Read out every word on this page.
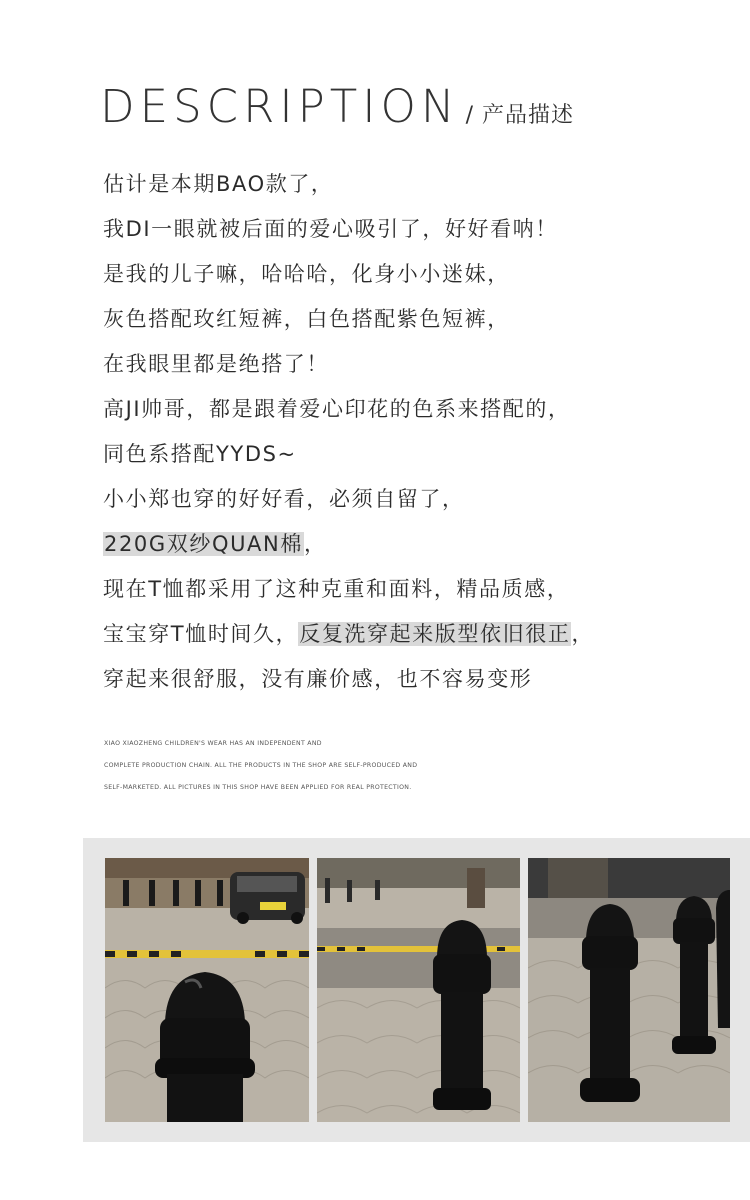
DESCRIPTION / 产品描述
估计是本期BAO款了，
我DI一眼就被后面的爱心吸引了，好好看呐！
是我的儿子嘛，哈哈哈，化身小小迷妹，
灰色搭配玫红短裤，白色搭配紫色短裤，
在我眼里都是绝搭了！
高JI帅哥，都是跟着爱心印花的色系来搭配的，
同色系搭配YYDS~
小小郑也穿的好好看，必须自留了，
220G双纱QUAN棉，
现在T恤都采用了这种克重和面料，精品质感，
宝宝穿T恤时间久，反复洗穿起来版型依旧很正，
穿起来很舒服，没有廉价感，也不容易变形
XIAO XIAOZHENG CHILDREN'S WEAR HAS AN INDEPENDENT AND
COMPLETE PRODUCTION CHAIN. ALL THE PRODUCTS IN THE SHOP ARE SELF-PRODUCED AND
SELF-MARKETED. ALL PICTURES IN THIS SHOP HAVE BEEN APPLIED FOR REAL PROTECTION.
